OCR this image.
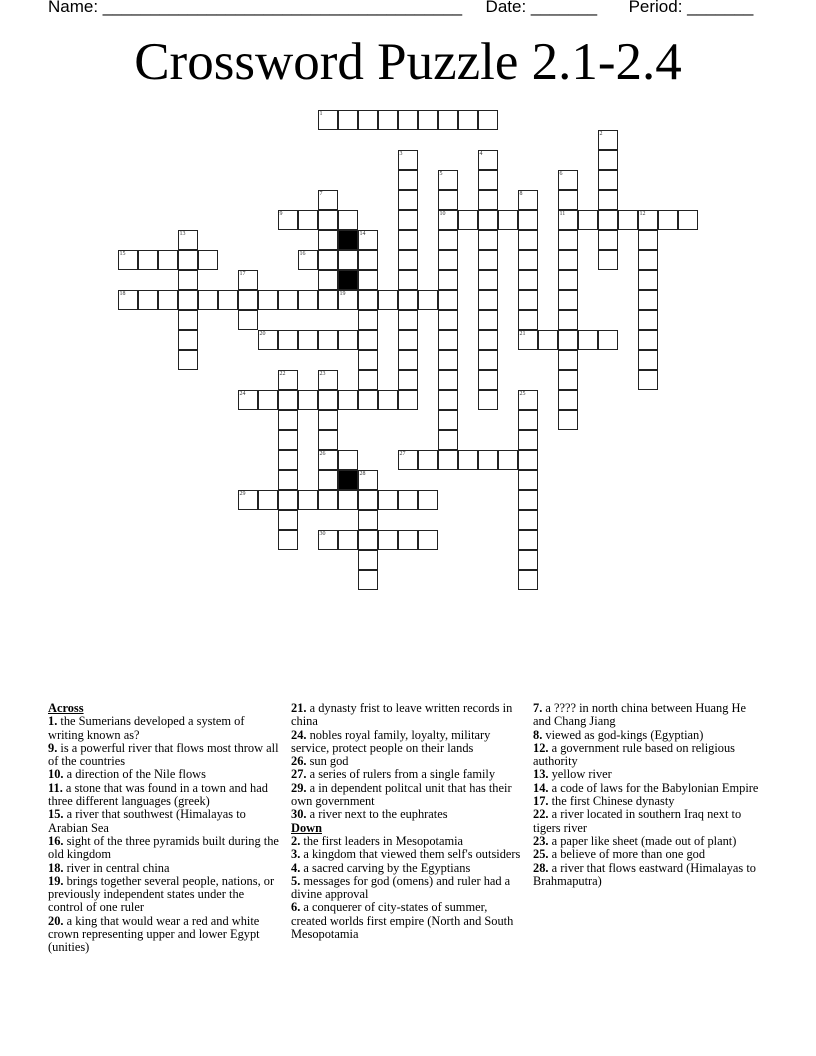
Name: ______________________________________ Date: _______ Period: _______
Crossword Puzzle 2.1-2.4
1
2
3	4
5
10
6
11
7	8
9	12
13	14
15	16
17
18	19
20	21
22	23
26
24	25
27
28
29
30
Across
1. the Sumerians developed a system of writing known as?
9. is a powerful river that flows most throw all of the countries
10. a direction of the Nile flows
11. a stone that was found in a town and had three different languages (greek)
15. a river that southwest (Himalayas to Arabian Sea
16. sight of the three pyramids built during the old kingdom
18. river in central china
19. brings together several people, nations, or previously independent states under the control of one ruler
20. a king that would wear a red and white crown representing upper and lower Egypt (unities)
21. a dynasty frist to leave written records in china
24. nobles royal family, loyalty, military service, protect people on their lands
26. sun god
27. a series of rulers from a single family
29. a in dependent politcal unit that has their own government
30. a river next to the euphrates
Down
2. the first leaders in Mesopotamia
3. a kingdom that viewed them self's outsiders
4. a sacred carving by the Egyptians
5. messages for god (omens) and ruler had a divine approval
6. a conquerer of city-states of summer, created worlds first empire (North and South Mesopotamia
7. a ???? in north china between Huang He and Chang Jiang
8. viewed as god-kings (Egyptian)
12. a government rule based on religious authority
13. yellow river
14. a code of laws for the Babylonian Empire
17. the first Chinese dynasty
22. a river located in southern Iraq next to tigers river
23. a paper like sheet (made out of plant)
25. a believe of more than one god
28. a river that flows eastward (Himalayas to Brahmaputra)
